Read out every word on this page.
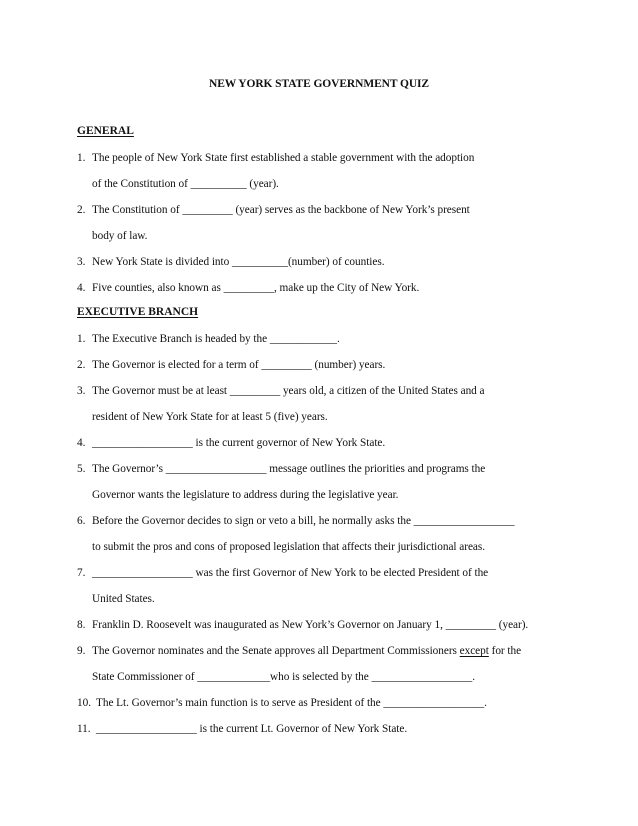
NEW YORK STATE GOVERNMENT QUIZ
GENERAL
1. The people of New York State first established a stable government with the adoption
of the Constitution of __________ (year).
2. The Constitution of _________ (year) serves as the backbone of New York’s present
body of law.
3. New York State is divided into __________(number) of counties.
4. Five counties, also known as _________, make up the City of New York.
EXECUTIVE BRANCH
1. The Executive Branch is headed by the ____________.
2. The Governor is elected for a term of _________ (number) years.
3. The Governor must be at least _________ years old, a citizen of the United States and a
resident of New York State for at least 5 (five) years.
4. __________________ is the current governor of New York State.
5. The Governor’s __________________ message outlines the priorities and programs the
Governor wants the legislature to address during the legislative year.
6. Before the Governor decides to sign or veto a bill, he normally asks the __________________
to submit the pros and cons of proposed legislation that affects their jurisdictional areas.
7. __________________ was the first Governor of New York to be elected President of the
United States.
8. Franklin D. Roosevelt was inaugurated as New York’s Governor on January 1, _________ (year).
9. The Governor nominates and the Senate approves all Department Commissioners except for the
State Commissioner of _____________who is selected by the __________________.
10. The Lt. Governor’s main function is to serve as President of the __________________.
11. __________________ is the current Lt. Governor of New York State.
